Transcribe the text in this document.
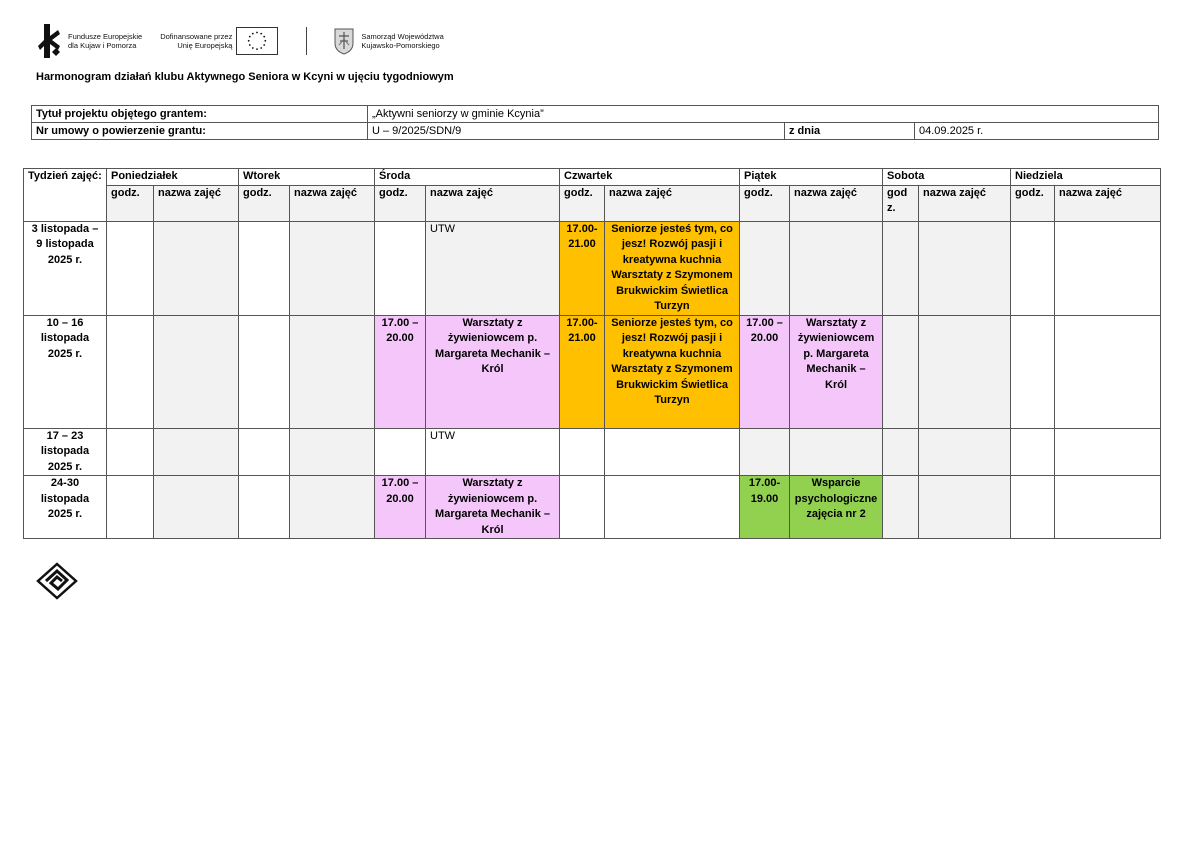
Fundusze Europejskie
dla Kujaw i Pomorza
Dofinansowane przez
Unię Europejską
Samorząd Województwa
Kujawsko-Pomorskiego
Harmonogram działań klubu Aktywnego Seniora w Kcyni w ujęciu tygodniowym
Tytuł projektu objętego grantem:	„Aktywni seniorzy w gminie Kcynia”		
Nr umowy o powierzenie grantu:	U – 9/2025/SDN/9	z dnia	04.09.2025 r.
Tydzień zajęć:	Poniedziałek		Wtorek		Środa		Czwartek		Piątek		Sobota		Niedziela	
	godz.	nazwa zajęć	godz.	nazwa zajęć	godz.	nazwa zajęć	godz.	nazwa zajęć	godz.	nazwa zajęć	god z.	nazwa zajęć	godz.	nazwa zajęć
3 listopada – 9 listopada 2025 r.						UTW	17.00-21.00	Seniorze jesteś tym, co jesz! Rozwój pasji i kreatywna kuchnia Warsztaty z Szymonem Brukwickim Świetlica Turzyn						
10 – 16 listopada 2025 r.					17.00 – 20.00	Warsztaty z żywieniowcem p. Margareta Mechanik – Król	17.00-21.00	Seniorze jesteś tym, co jesz! Rozwój pasji i kreatywna kuchnia Warsztaty z Szymonem Brukwickim Świetlica Turzyn	17.00 – 20.00	Warsztaty z żywieniowcem p. Margareta Mechanik – Król				
17 – 23 listopada 2025 r.						UTW								
24-30 listopada 2025 r.					17.00 – 20.00	Warsztaty z żywieniowcem p. Margareta Mechanik – Król			17.00-19.00	Wsparcie psychologiczne zajęcia nr 2				
